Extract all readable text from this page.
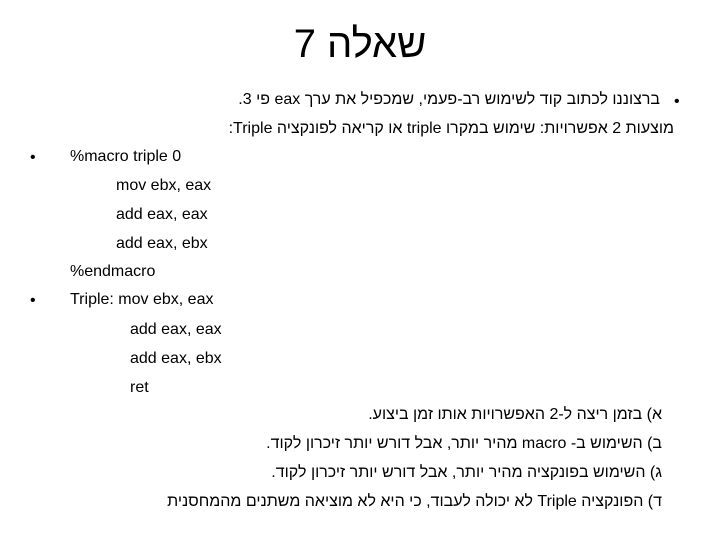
שאלה 7
•
ברצוננו לכתוב קוד לשימוש רב-פעמי, שמכפיל את ערך eax פי 3.
מוצעות 2 אפשרויות: שימוש במקרו triple או קריאה לפונקציה Triple:
• %macro triple 0
mov ebx, eax
add eax, eax
add eax, ebx
%endmacro
• Triple: mov ebx, eax
add eax, eax
add eax, ebx
ret
א) בזמן ריצה ל-2 האפשרויות אותו זמן ביצוע.
ב) השימוש ב- macro מהיר יותר, אבל דורש יותר זיכרון לקוד.
ג) השימוש בפונקציה מהיר יותר, אבל דורש יותר זיכרון לקוד.
ד) הפונקציה Triple לא יכולה לעבוד, כי היא לא מוציאה משתנים מהמחסנית
